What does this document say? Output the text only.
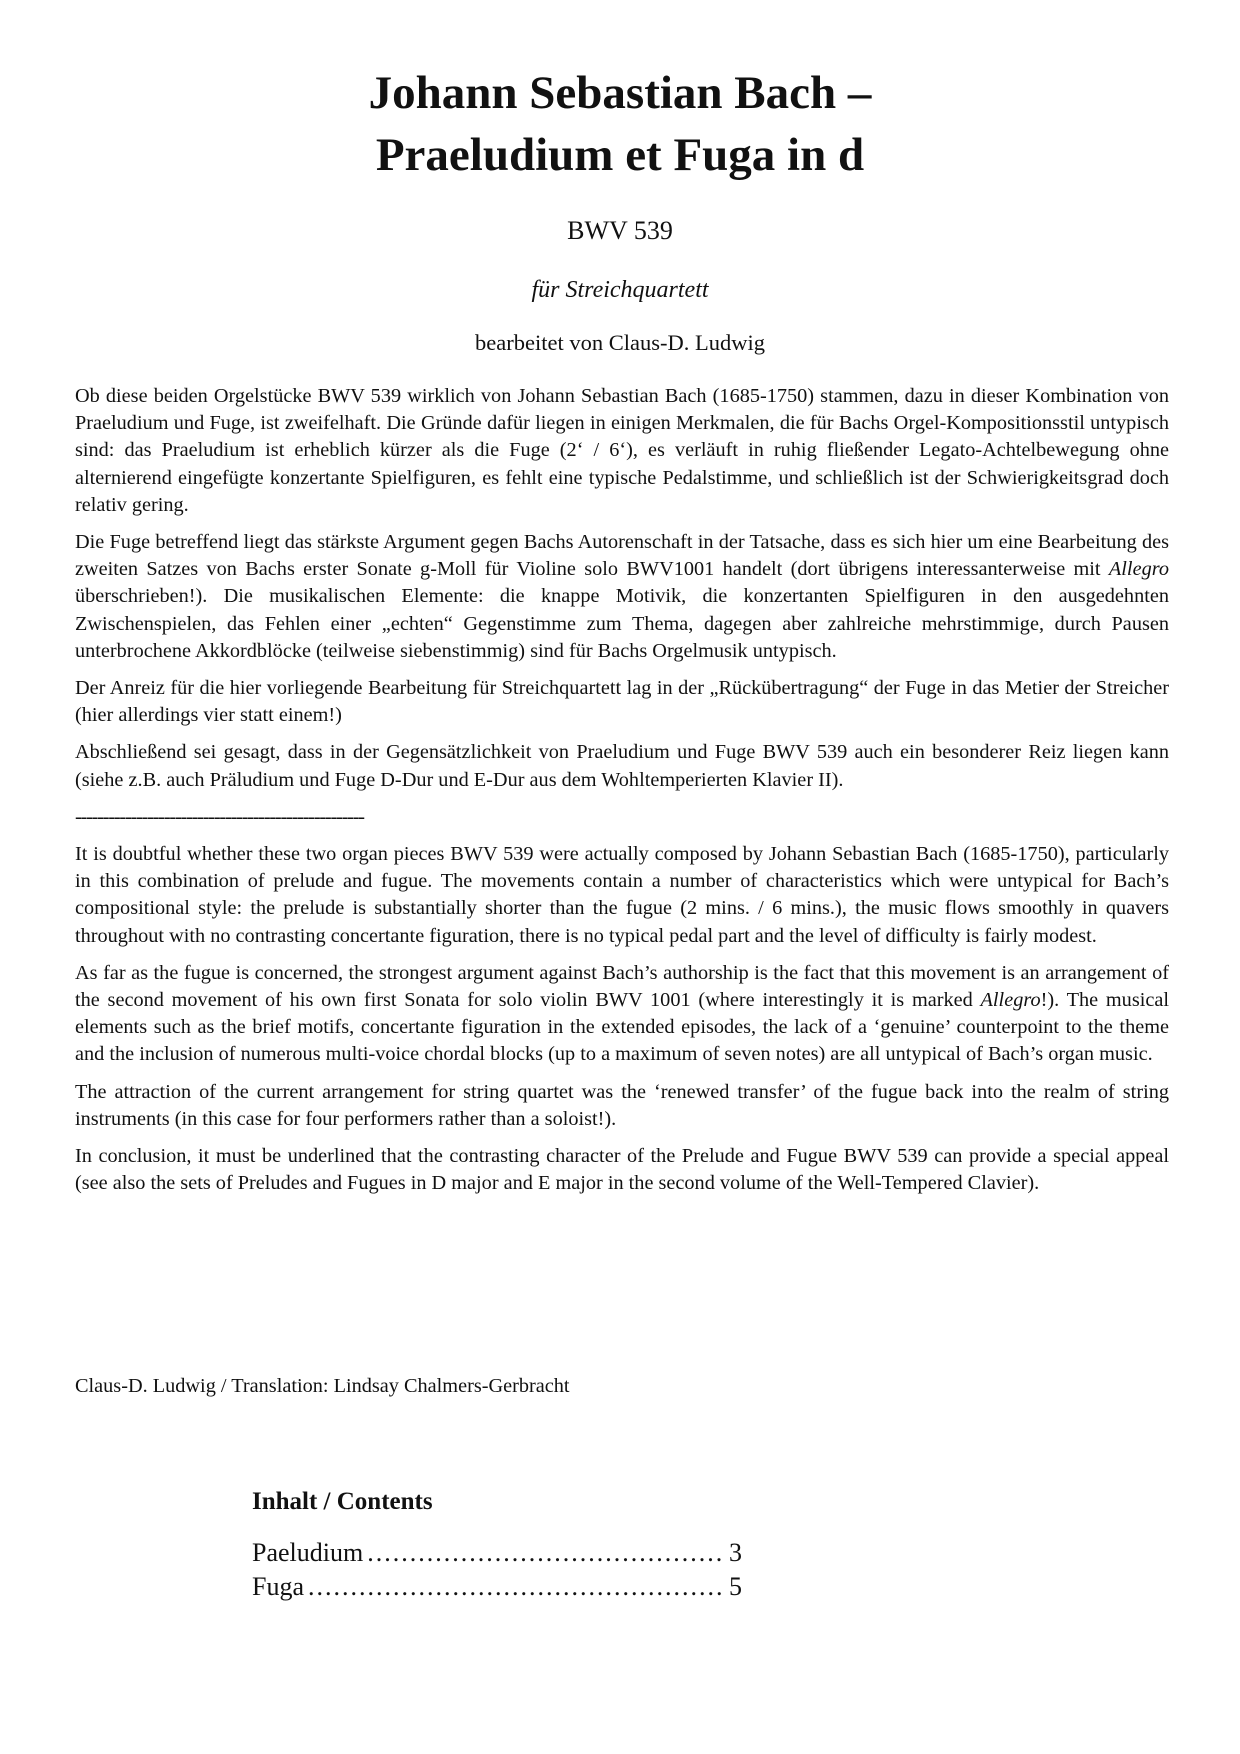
Johann Sebastian Bach –
Praeludium et Fuga in d
BWV 539
für Streichquartett
bearbeitet von Claus-D. Ludwig

Ob diese beiden Orgelstücke BWV 539 wirklich von Johann Sebastian Bach (1685-1750) stammen, dazu in dieser Kombination von Praeludium und Fuge, ist zweifelhaft. Die Gründe dafür liegen in einigen Merkmalen, die für Bachs Orgel-Kompositionsstil untypisch sind: das Praeludium ist erheblich kürzer als die Fuge (2‘ / 6‘), es verläuft in ruhig fließender Legato-Achtelbewegung ohne alternierend eingefügte konzertante Spielfiguren, es fehlt eine typische Pedalstimme, und schließlich ist der Schwierigkeitsgrad doch relativ gering.

Die Fuge betreffend liegt das stärkste Argument gegen Bachs Autorenschaft in der Tatsache, dass es sich hier um eine Bearbeitung des zweiten Satzes von Bachs erster Sonate g-Moll für Violine solo BWV1001 handelt (dort übrigens interessanterweise mit Allegro überschrieben!). Die musikalischen Elemente: die knappe Motivik, die konzertanten Spielfiguren in den ausgedehnten Zwischenspielen, das Fehlen einer „echten“ Gegenstimme zum Thema, dagegen aber zahlreiche mehrstimmige, durch Pausen unterbrochene Akkordblöcke (teilweise siebenstimmig) sind für Bachs Orgelmusik untypisch.

Der Anreiz für die hier vorliegende Bearbeitung für Streichquartett lag in der „Rückübertragung“ der Fuge in das Metier der Streicher (hier allerdings vier statt einem!)

Abschließend sei gesagt, dass in der Gegensätzlichkeit von Praeludium und Fuge BWV 539 auch ein besonderer Reiz liegen kann (siehe z.B. auch Präludium und Fuge D-Dur und E-Dur aus dem Wohltemperierten Klavier II).

----------------------------------------------------

It is doubtful whether these two organ pieces BWV 539 were actually composed by Johann Sebastian Bach (1685-1750), particularly in this combination of prelude and fugue. The movements contain a number of characteristics which were untypical for Bach’s compositional style: the prelude is substantially shorter than the fugue (2 mins. / 6 mins.), the music flows smoothly in quavers throughout with no contrasting concertante figuration, there is no typical pedal part and the level of difficulty is fairly modest.

As far as the fugue is concerned, the strongest argument against Bach’s authorship is the fact that this movement is an arrangement of the second movement of his own first Sonata for solo violin BWV 1001 (where interestingly it is marked Allegro!). The musical elements such as the brief motifs, concertante figuration in the extended episodes, the lack of a ‘genuine’ counterpoint to the theme and the inclusion of numerous multi-voice chordal blocks (up to a maximum of seven notes) are all untypical of Bach’s organ music.

The attraction of the current arrangement for string quartet was the ‘renewed transfer’ of the fugue back into the realm of string instruments (in this case for four performers rather than a soloist!).

In conclusion, it must be underlined that the contrasting character of the Prelude and Fugue BWV 539 can provide a special appeal (see also the sets of Preludes and Fugues in D major and E major in the second volume of the Well-Tempered Clavier).

Claus-D. Ludwig / Translation: Lindsay Chalmers-Gerbracht
Inhalt / Contents
Paeludium .....	3
Fuga .....	5
